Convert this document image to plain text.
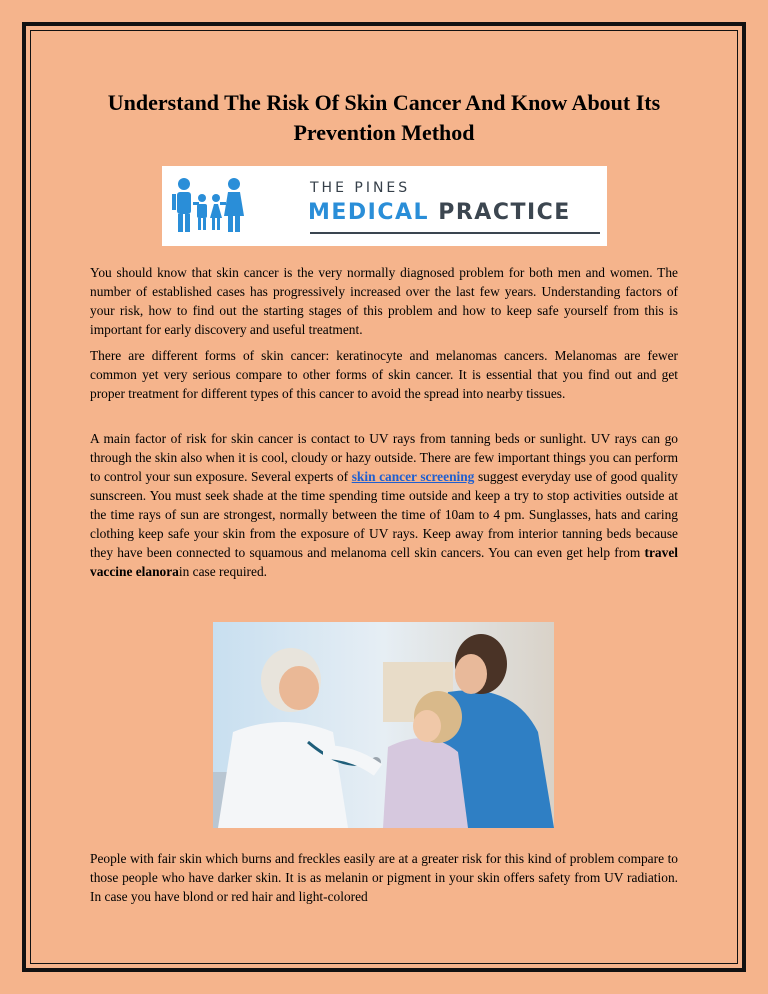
Understand The Risk Of Skin Cancer And Know About Its Prevention Method
THE PINES
MEDICAL PRACTICE

You should know that skin cancer is the very normally diagnosed problem for both men and women. The number of established cases has progressively increased over the last few years. Understanding factors of your risk, how to find out the starting stages of this problem and how to keep safe yourself from this is important for early discovery and useful treatment.

There are different forms of skin cancer: keratinocyte and melanomas cancers. Melanomas are fewer common yet very serious compare to other forms of skin cancer. It is essential that you find out and get proper treatment for different types of this cancer to avoid the spread into nearby tissues.

A main factor of risk for skin cancer is contact to UV rays from tanning beds or sunlight. UV rays can go through the skin also when it is cool, cloudy or hazy outside. There are few important things you can perform to control your sun exposure. Several experts of skin cancer screening suggest everyday use of good quality sunscreen. You must seek shade at the time spending time outside and keep a try to stop activities outside at the time rays of sun are strongest, normally between the time of 10am to 4 pm. Sunglasses, hats and caring clothing keep safe your skin from the exposure of UV rays. Keep away from interior tanning beds because they have been connected to squamous and melanoma cell skin cancers. You can even get help from travel vaccine elanorain case required.

People with fair skin which burns and freckles easily are at a greater risk for this kind of problem compare to those people who have darker skin. It is as melanin or pigment in your skin offers safety from UV radiation. In case you have blond or red hair and light-colored
